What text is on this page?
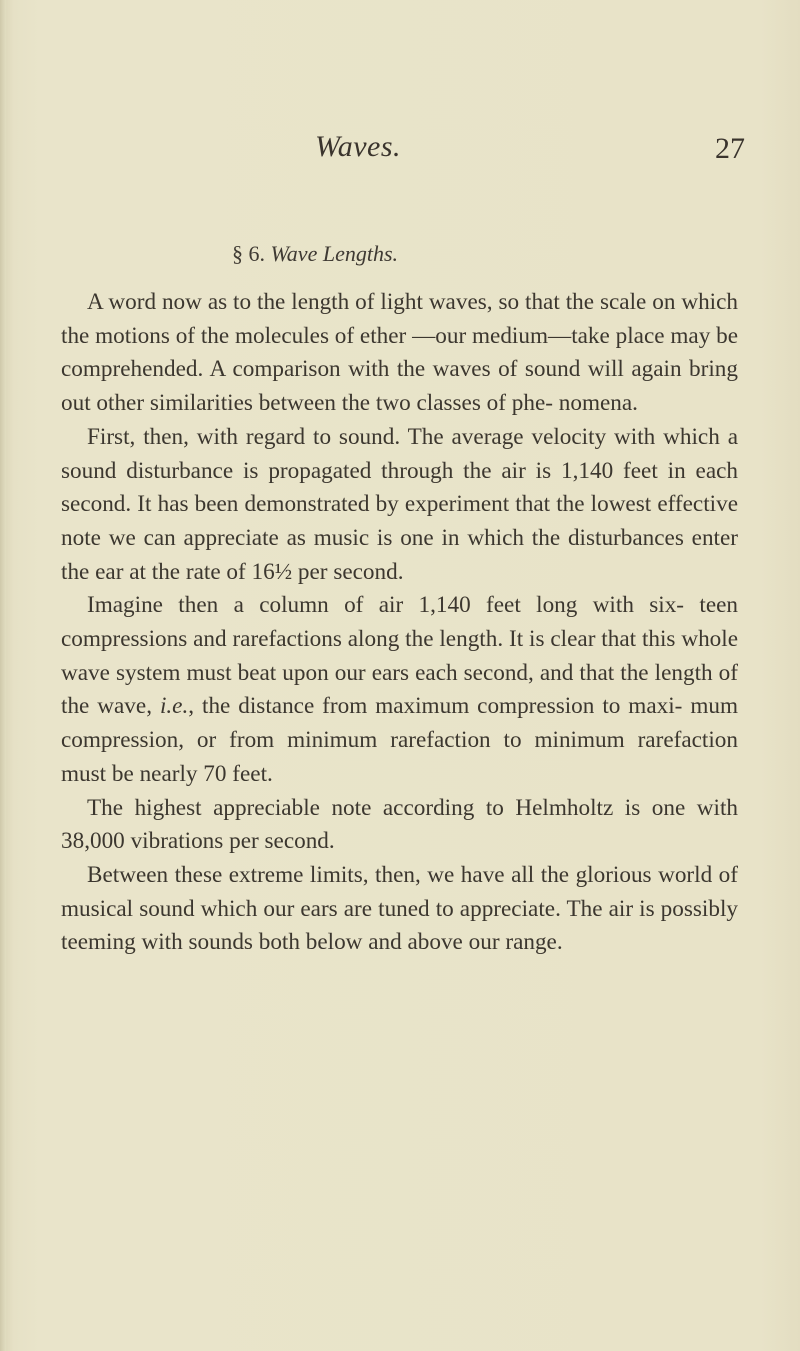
Waves.	27
§ 6. Wave Lengths.

A word now as to the length of light waves, so that the scale on which the motions of the molecules of ether —our medium—take place may be comprehended. A comparison with the waves of sound will again bring out other similarities between the two classes of phe- nomena.

First, then, with regard to sound. The average velocity with which a sound disturbance is propagated through the air is 1,140 feet in each second. It has been demonstrated by experiment that the lowest effective note we can appreciate as music is one in which the disturbances enter the ear at the rate of 16½ per second.

Imagine then a column of air 1,140 feet long with six- teen compressions and rarefactions along the length. It is clear that this whole wave system must beat upon our ears each second, and that the length of the wave, i.e., the distance from maximum compression to maxi- mum compression, or from minimum rarefaction to minimum rarefaction must be nearly 70 feet.

The highest appreciable note according to Helmholtz is one with 38,000 vibrations per second.

Between these extreme limits, then, we have all the glorious world of musical sound which our ears are tuned to appreciate. The air is possibly teeming with sounds both below and above our range.
